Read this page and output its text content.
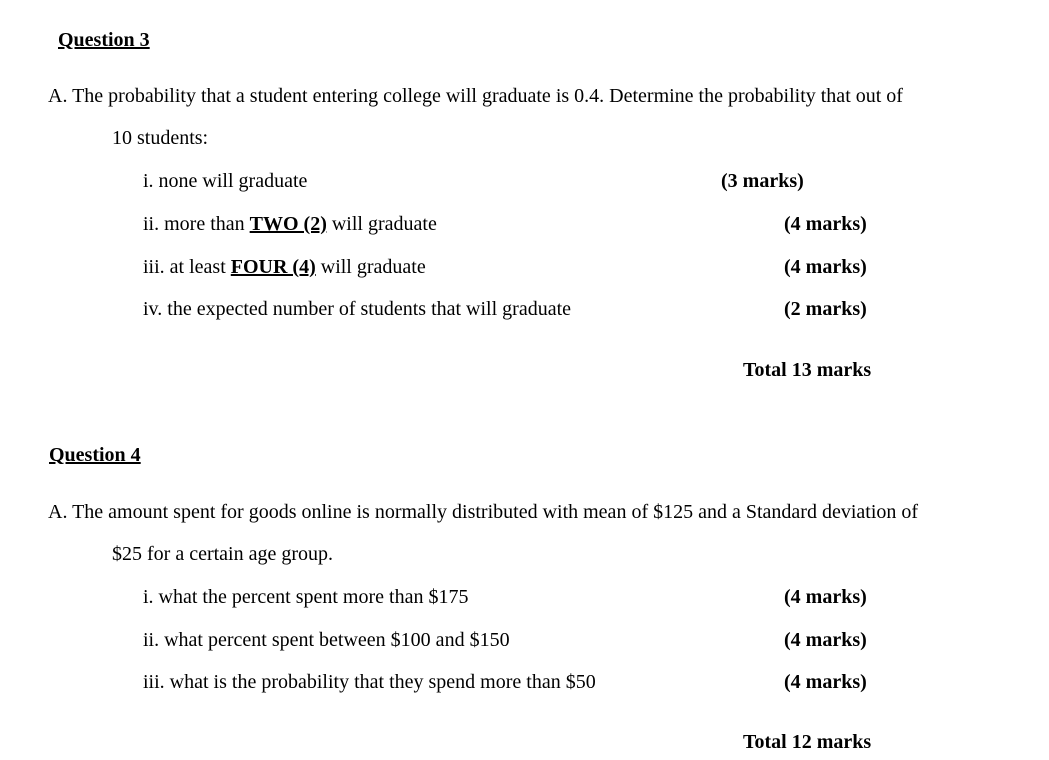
Question 3
A. The probability that a student entering college will graduate is 0.4. Determine the probability that out of
10 students:
i. none will graduate	(3 marks)
ii. more than TWO (2) will graduate	(4 marks)
iii. at least FOUR (4) will graduate	(4 marks)
iv. the expected number of students that will graduate	(2 marks)
Total 13 marks
Question 4
A. The amount spent for goods online is normally distributed with mean of $125 and a Standard deviation of
$25 for a certain age group.
i. what the percent spent more than $175	(4 marks)
ii. what percent spent between $100 and $150	(4 marks)
iii. what is the probability that they spend more than $50	(4 marks)
Total 12 marks
